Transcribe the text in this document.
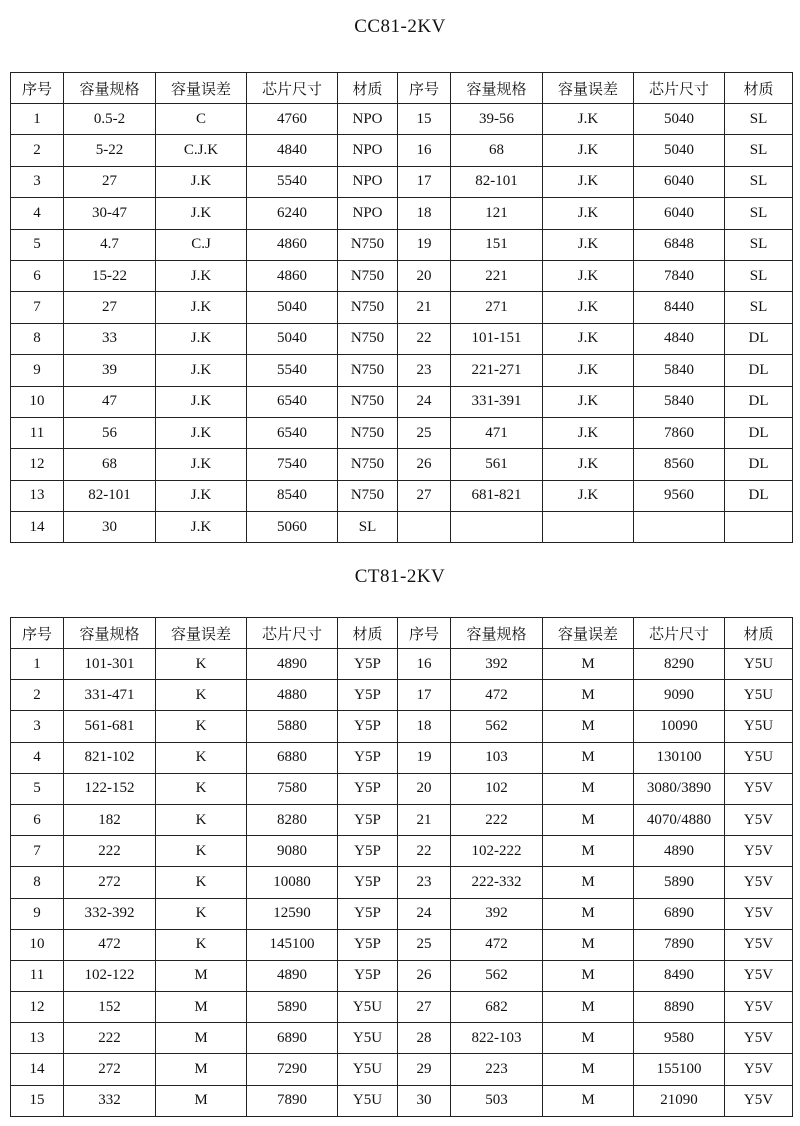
CC81-2KV
序号	容量规格	容量误差	芯片尺寸	材质	序号	容量规格	容量误差	芯片尺寸	材质
1	0.5-2	C	4760	NPO	15	39-56	J.K	5040	SL
2	5-22	C.J.K	4840	NPO	16	68	J.K	5040	SL
3	27	J.K	5540	NPO	17	82-101	J.K	6040	SL
4	30-47	J.K	6240	NPO	18	121	J.K	6040	SL
5	4.7	C.J	4860	N750	19	151	J.K	6848	SL
6	15-22	J.K	4860	N750	20	221	J.K	7840	SL
7	27	J.K	5040	N750	21	271	J.K	8440	SL
8	33	J.K	5040	N750	22	101-151	J.K	4840	DL
9	39	J.K	5540	N750	23	221-271	J.K	5840	DL
10	47	J.K	6540	N750	24	331-391	J.K	5840	DL
11	56	J.K	6540	N750	25	471	J.K	7860	DL
12	68	J.K	7540	N750	26	561	J.K	8560	DL
13	82-101	J.K	8540	N750	27	681-821	J.K	9560	DL
14	30	J.K	5060	SL					
CT81-2KV
序号	容量规格	容量误差	芯片尺寸	材质	序号	容量规格	容量误差	芯片尺寸	材质
1	101-301	K	4890	Y5P	16	392	M	8290	Y5U
2	331-471	K	4880	Y5P	17	472	M	9090	Y5U
3	561-681	K	5880	Y5P	18	562	M	10090	Y5U
4	821-102	K	6880	Y5P	19	103	M	130100	Y5U
5	122-152	K	7580	Y5P	20	102	M	3080/3890	Y5V
6	182	K	8280	Y5P	21	222	M	4070/4880	Y5V
7	222	K	9080	Y5P	22	102-222	M	4890	Y5V
8	272	K	10080	Y5P	23	222-332	M	5890	Y5V
9	332-392	K	12590	Y5P	24	392	M	6890	Y5V
10	472	K	145100	Y5P	25	472	M	7890	Y5V
11	102-122	M	4890	Y5P	26	562	M	8490	Y5V
12	152	M	5890	Y5U	27	682	M	8890	Y5V
13	222	M	6890	Y5U	28	822-103	M	9580	Y5V
14	272	M	7290	Y5U	29	223	M	155100	Y5V
15	332	M	7890	Y5U	30	503	M	21090	Y5V
